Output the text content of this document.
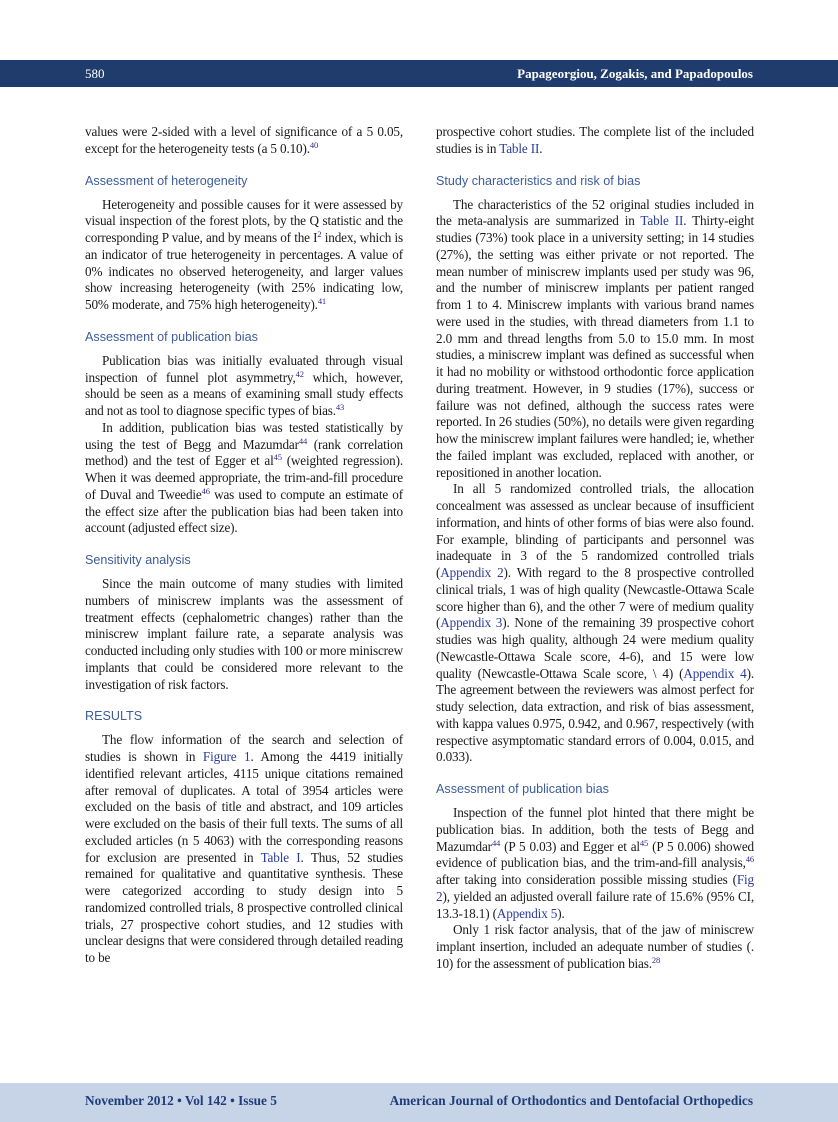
580	Papageorgiou, Zogakis, and Papadopoulos

values were 2-sided with a level of significance of a 5 0.05, except for the heterogeneity tests (a 5 0.10).$^{40}$

Assessment of heterogeneity

Heterogeneity and possible causes for it were assessed by visual inspection of the forest plots, by the Q statistic and the corresponding P value, and by means of the $I^2$ index, which is an indicator of true heterogeneity in percentages. A value of 0% indicates no observed heterogeneity, and larger values show increasing heterogeneity (with 25% indicating low, 50% moderate, and 75% high heterogeneity).$^{41}$

Assessment of publication bias

Publication bias was initially evaluated through visual inspection of funnel plot asymmetry,$^{42}$ which, however, should be seen as a means of examining small study effects and not as tool to diagnose specific types of bias.$^{43}$

In addition, publication bias was tested statistically by using the test of Begg and Mazumdar$^{44}$ (rank correlation method) and the test of Egger et $al^{45}$ (weighted regression). When it was deemed appropriate, the trim-and-fill procedure of Duval and Tweedie$^{46}$ was used to compute an estimate of the effect size after the publication bias had been taken into account (adjusted effect size).

Sensitivity analysis

Since the main outcome of many studies with limited numbers of miniscrew implants was the assessment of treatment effects (cephalometric changes) rather than the miniscrew implant failure rate, a separate analysis was conducted including only studies with 100 or more miniscrew implants that could be considered more relevant to the investigation of risk factors.

RESULTS

The flow information of the search and selection of studies is shown in Figure 1. Among the 4419 initially identified relevant articles, 4115 unique citations remained after removal of duplicates. A total of 3954 articles were excluded on the basis of title and abstract, and 109 articles were excluded on the basis of their full texts. The sums of all excluded articles (n 5 4063) with the corresponding reasons for exclusion are presented in Table I. Thus, 52 studies remained for qualitative and quantitative synthesis. These were categorized according to study design into 5 randomized controlled trials, 8 prospective controlled clinical trials, 27 prospective cohort studies, and 12 studies with unclear designs that were considered through detailed reading to be

prospective cohort studies. The complete list of the included studies is in Table II.

Study characteristics and risk of bias

The characteristics of the 52 original studies included in the meta-analysis are summarized in Table II. Thirty-eight studies (73%) took place in a university setting; in 14 studies (27%), the setting was either private or not reported. The mean number of miniscrew implants used per study was 96, and the number of miniscrew implants per patient ranged from 1 to 4. Miniscrew implants with various brand names were used in the studies, with thread diameters from 1.1 to 2.0 mm and thread lengths from 5.0 to 15.0 mm. In most studies, a miniscrew implant was defined as successful when it had no mobility or withstood orthodontic force application during treatment. However, in 9 studies (17%), success or failure was not defined, although the success rates were reported. In 26 studies (50%), no details were given regarding how the miniscrew implant failures were handled; ie, whether the failed implant was excluded, replaced with another, or repositioned in another location.

In all 5 randomized controlled trials, the allocation concealment was assessed as unclear because of insufficient information, and hints of other forms of bias were also found. For example, blinding of participants and personnel was inadequate in 3 of the 5 randomized controlled trials (Appendix 2). With regard to the 8 prospective controlled clinical trials, 1 was of high quality (Newcastle-Ottawa Scale score higher than 6), and the other 7 were of medium quality (Appendix 3). None of the remaining 39 prospective cohort studies was high quality, although 24 were medium quality (Newcastle-Ottawa Scale score, 4-6), and 15 were low quality (Newcastle-Ottawa Scale score, \ 4) (Appendix 4). The agreement between the reviewers was almost perfect for study selection, data extraction, and risk of bias assessment, with kappa values 0.975, 0.942, and 0.967, respectively (with respective asymptomatic standard errors of 0.004, 0.015, and 0.033).

Assessment of publication bias

Inspection of the funnel plot hinted that there might be publication bias. In addition, both the tests of Begg and Mazumdar$^{44}$ (P 5 0.03) and Egger et $al^{45}$ (P 5 0.006) showed evidence of publication bias, and the trim-and-fill analysis,$^{46}$ after taking into consideration possible missing studies (Fig 2), yielded an adjusted overall failure rate of 15.6% (95% CI, 13.3-18.1) (Appendix 5).

Only 1 risk factor analysis, that of the jaw of miniscrew implant insertion, included an adequate number of studies (. 10) for the assessment of publication bias.$^{28}$

November 2012 • Vol 142 • Issue 5	American Journal of Orthodontics and Dentofacial Orthopedics
